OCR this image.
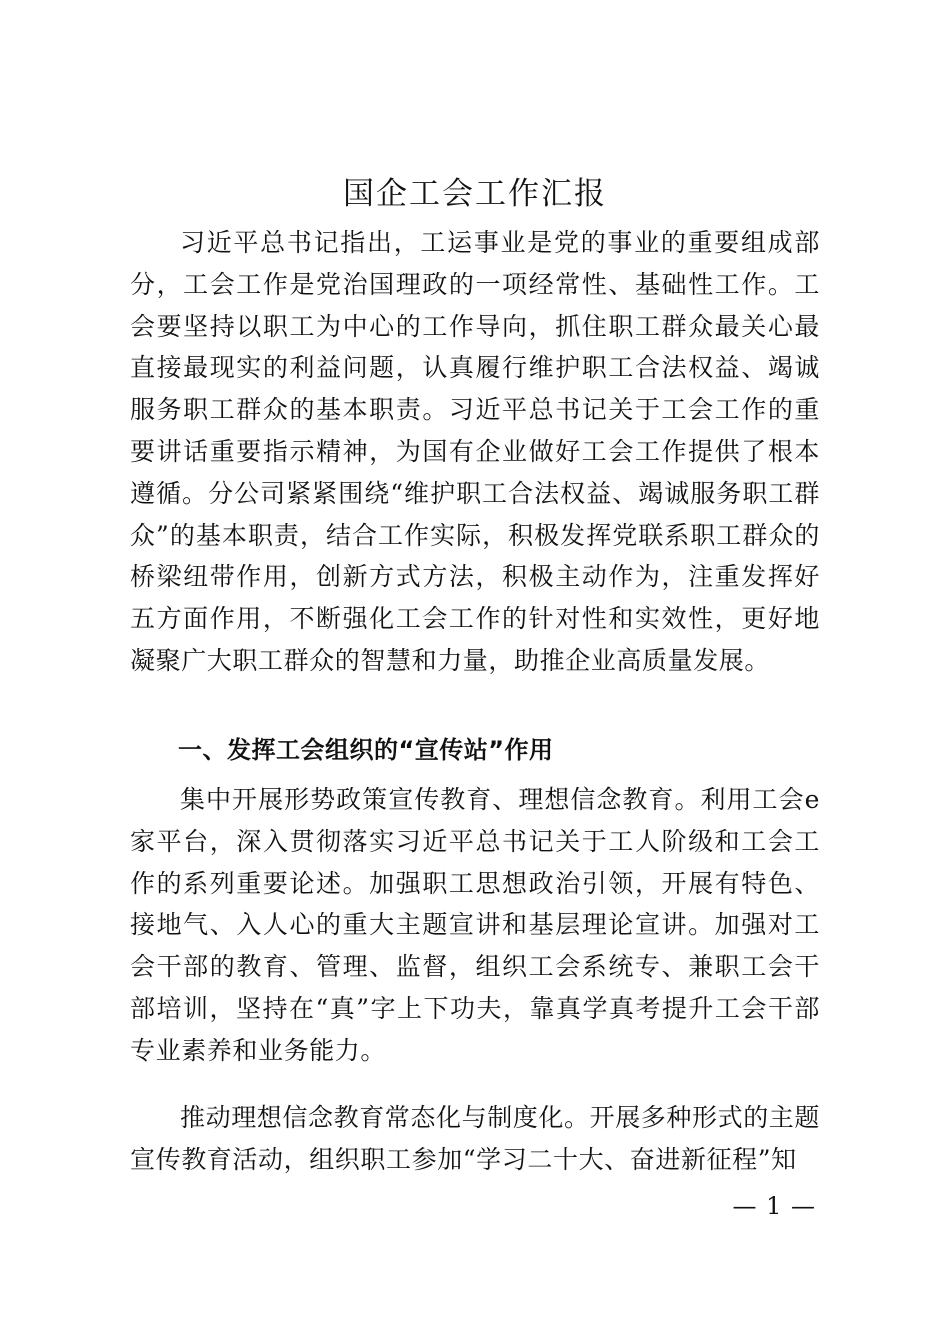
国企工会工作汇报

习近平总书记指出，工运事业是党的事业的重要组成部分，工会工作是党治国理政的一项经常性、基础性工作。工会要坚持以职工为中心的工作导向，抓住职工群众最关心最直接最现实的利益问题，认真履行维护职工合法权益、竭诚服务职工群众的基本职责。习近平总书记关于工会工作的重要讲话重要指示精神，为国有企业做好工会工作提供了根本遵循。分公司紧紧围绕“维护职工合法权益、竭诚服务职工群众”的基本职责，结合工作实际，积极发挥党联系职工群众的桥梁纽带作用，创新方式方法，积极主动作为，注重发挥好五方面作用，不断强化工会工作的针对性和实效性，更好地凝聚广大职工群众的智慧和力量，助推企业高质量发展。

一、发挥工会组织的“宣传站”作用

集中开展形势政策宣传教育、理想信念教育。利用工会e家平台，深入贯彻落实习近平总书记关于工人阶级和工会工作的系列重要论述。加强职工思想政治引领，开展有特色、接地气、入人心的重大主题宣讲和基层理论宣讲。加强对工会干部的教育、管理、监督，组织工会系统专、兼职工会干部培训，坚持在“真”字上下功夫，靠真学真考提升工会干部专业素养和业务能力。

推动理想信念教育常态化与制度化。开展多种形式的主题宣传教育活动，组织职工参加“学习二十大、奋进新征程”知

— 1 —
